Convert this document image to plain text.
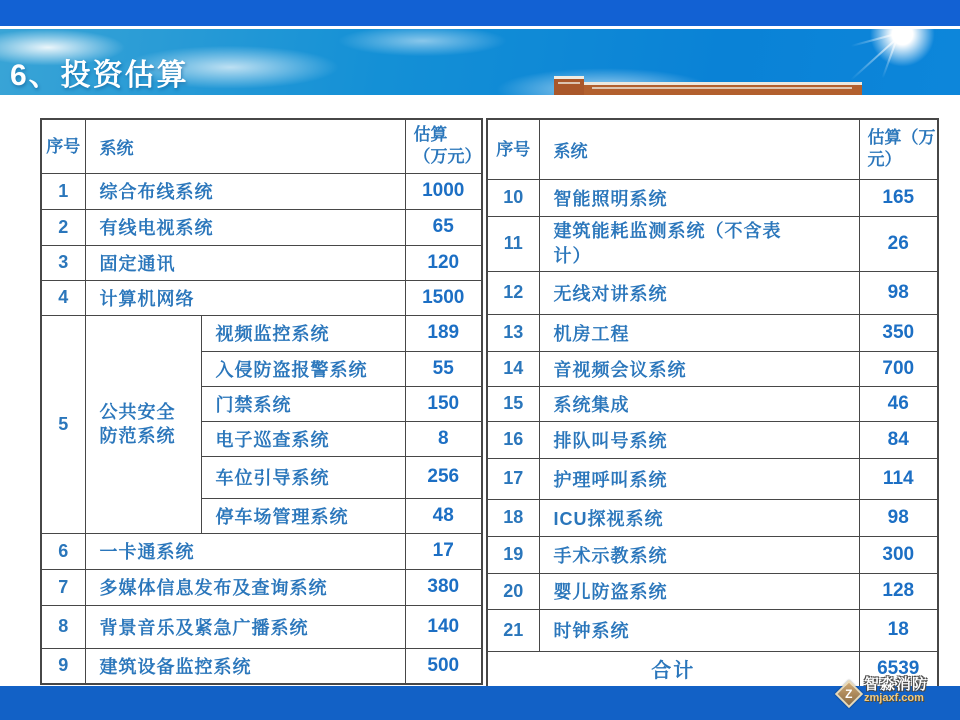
6、投资估算
序号	系统		估算（万元）
1	综合布线系统		1000
2	有线电视系统		65
3	固定通讯		120
4	计算机网络		1500
5	公共安全防范系统	视频监控系统	189
		入侵防盗报警系统	55
		门禁系统	150
		电子巡查系统	8
		车位引导系统	256
		停车场管理系统	48
6	一卡通系统		17
7	多媒体信息发布及查询系统		380
8	背景音乐及紧急广播系统		140
9	建筑设备监控系统		500
序号	系统	估算（万元）
10	智能照明系统	165
11	建筑能耗监测系统（不含表计）	26
12	无线对讲系统	98
13	机房工程	350
14	音视频会议系统	700
15	系统集成	46
16	排队叫号系统	84
17	护理呼叫系统	114
18	ICU探视系统	98
19	手术示教系统	300
20	婴儿防盗系统	128
21	时钟系统	18
合计		6539
Z
智淼消防
zmjaxf.com
